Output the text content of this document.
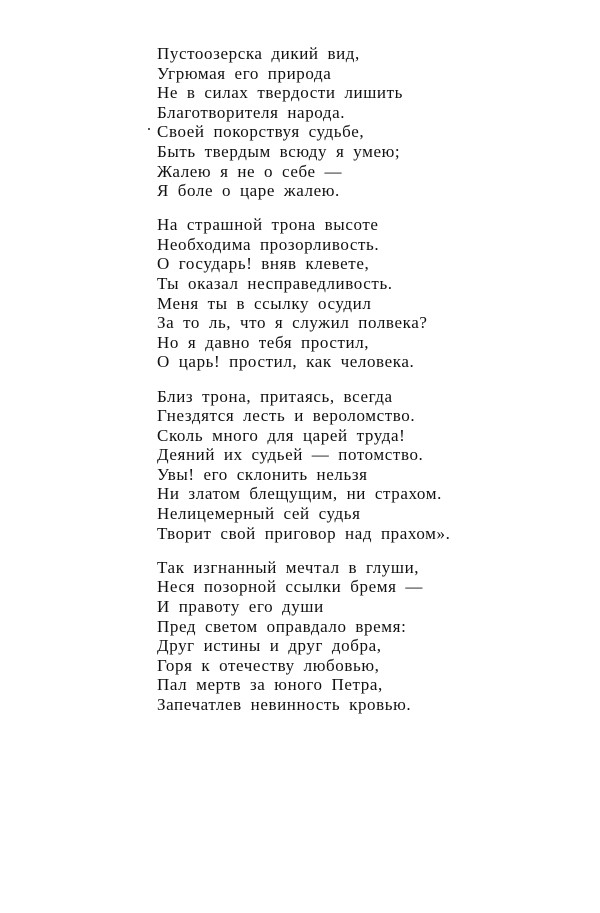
Пустоозерска дикий вид,
Угрюмая его природа
Не в силах твердости лишить
Благотворителя народа.
Своей покорствуя судьбе,
Быть твердым всюду я умею;
Жалею я не о себе —
Я боле о царе жалею.
На страшной трона высоте
Необходима прозорливость.
О государь! вняв клевете,
Ты оказал несправедливость.
Меня ты в ссылку осудил
За то ль, что я служил полвека?
Но я давно тебя простил,
О царь! простил, как человека.
Близ трона, притаясь, всегда
Гнездятся лесть и вероломство.
Сколь много для царей труда!
Деяний их судьей — потомство.
Увы! его склонить нельзя
Ни златом блещущим, ни страхом.
Нелицемерный сей судья
Творит свой приговор над прахом».
Так изгнанный мечтал в глуши,
Неся позорной ссылки бремя —
И правоту его души
Пред светом оправдало время:
Друг истины и друг добра,
Горя к отечеству любовью,
Пал мертв за юного Петра,
Запечатлев невинность кровью.
